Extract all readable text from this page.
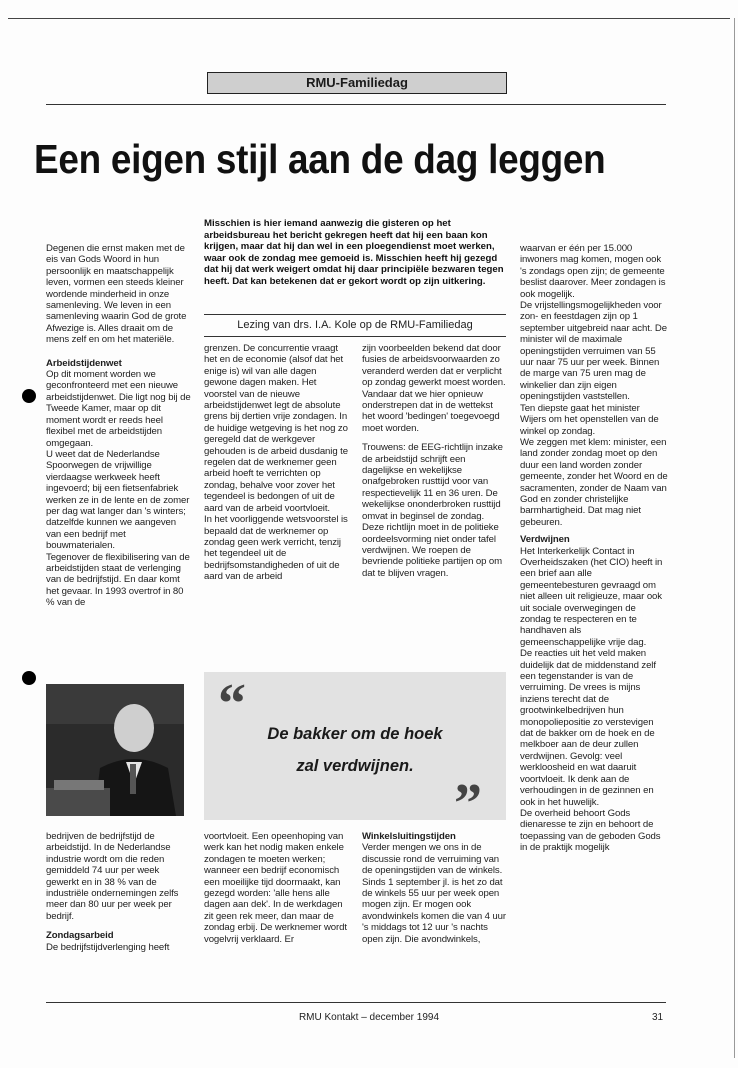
RMU-Familiedag
Een eigen stijl aan de dag leggen
Misschien is hier iemand aanwezig die gisteren op het arbeidsbureau het bericht gekregen heeft dat hij een baan kon krijgen, maar dat hij dan wel in een ploegendienst moet werken, waar ook de zondag mee gemoeid is. Misschien heeft hij gezegd dat hij dat werk weigert omdat hij daar principiële bezwaren tegen heeft. Dat kan betekenen dat er gekort wordt op zijn uitkering.
Lezing van drs. I.A. Kole op de RMU-Familiedag

Degenen die ernst maken met de eis van Gods Woord in hun persoonlijk en maatschappelijk leven, vormen een steeds kleiner wordende minderheid in onze samenleving. We leven in een samenleving waarin God de grote Afwezige is. Alles draait om de mens zelf en om het materiële.

Arbeidstijdenwet

Op dit moment worden we geconfronteerd met een nieuwe arbeidstijdenwet. Die ligt nog bij de Tweede Kamer, maar op dit moment wordt er reeds heel flexibel met de arbeidstijden omgegaan.

U weet dat de Nederlandse Spoorwegen de vrijwillige vierdaagse werkweek heeft ingevoerd; bij een fietsenfabriek werken ze in de lente en de zomer per dag wat langer dan 's winters; datzelfde kunnen we aangeven van een bedrijf met bouwmaterialen.

Tegenover de flexibilisering van de arbeidstijden staat de verlenging van de bedrijfstijd. En daar komt het gevaar. In 1993 overtrof in 80 % van de

bedrijven de bedrijfstijd de arbeidstijd. In de Nederlandse industrie wordt om die reden gemiddeld 74 uur per week gewerkt en in 38 % van de industriële ondernemingen zelfs meer dan 80 uur per week per bedrijf.

Zondagsarbeid

De bedrijfstijdverlenging heeft

grenzen. De concurrentie vraagt het en de economie (alsof dat het enige is) wil van alle dagen gewone dagen maken. Het voorstel van de nieuwe arbeidstijdenwet legt de absolute grens bij dertien vrije zondagen. In de huidige wetgeving is het nog zo geregeld dat de werkgever gehouden is de arbeid dusdanig te regelen dat de werknemer geen arbeid hoeft te verrichten op zondag, behalve voor zover het tegendeel is bedongen of uit de aard van de arbeid voortvloeit.

In het voorliggende wetsvoorstel is bepaald dat de werknemer op zondag geen werk verricht, tenzij het tegendeel uit de bedrijfsomstandigheden of uit de aard van de arbeid

voortvloeit. Een opeenhoping van werk kan het nodig maken enkele zondagen te moeten werken; wanneer een bedrijf economisch een moeilijke tijd doormaakt, kan gezegd worden: 'alle hens alle dagen aan dek'. In de werkdagen zit geen rek meer, dan maar de zondag erbij. De werknemer wordt vogelvrij verklaard. Er

zijn voorbeelden bekend dat door fusies de arbeidsvoorwaarden zo veranderd werden dat er verplicht op zondag gewerkt moest worden.

Vandaar dat we hier opnieuw onderstrepen dat in de wettekst het woord 'bedingen' toegevoegd moet worden.

Trouwens: de EEG-richtlijn inzake de arbeidstijd schrijft een dagelijkse en wekelijkse onafgebroken rusttijd voor van respectievelijk 11 en 36 uren. De wekelijkse ononderbroken rusttijd omvat in beginsel de zondag. Deze richtlijn moet in de politieke oordeelsvorming niet onder tafel verdwijnen. We roepen de bevriende politieke partijen op om dat te blijven vragen.

Winkelsluitingstijden

Verder mengen we ons in de discussie rond de verruiming van de openingstijden van de winkels. Sinds 1 september jl. is het zo dat de winkels 55 uur per week open mogen zijn. Er mogen ook avondwinkels komen die van 4 uur 's middags tot 12 uur 's nachts open zijn. Die avondwinkels,

“	De bakker om de hoek
zal verdwijnen.
”

waarvan er één per 15.000 inwoners mag komen, mogen ook 's zondags open zijn; de gemeente beslist daarover. Meer zondagen is ook mogelijk.

De vrijstellingsmogelijkheden voor zon- en feestdagen zijn op 1 september uitgebreid naar acht. De minister wil de maximale openingstijden verruimen van 55 uur naar 75 uur per week. Binnen de marge van 75 uren mag de winkelier dan zijn eigen openingstijden vaststellen.

Ten diepste gaat het minister Wijers om het openstellen van de winkel op zondag.

We zeggen met klem: minister, een land zonder zondag moet op den duur een land worden zonder gemeente, zonder het Woord en de sacramenten, zonder de Naam van God en zonder christelijke barmhartigheid. Dat mag niet gebeuren.

Verdwijnen

Het Interkerkelijk Contact in Overheidszaken (het CIO) heeft in een brief aan alle gemeentebesturen gevraagd om niet alleen uit religieuze, maar ook uit sociale overwegingen de zondag te respecteren en te handhaven als gemeenschappelijke vrije dag.

De reacties uit het veld maken duidelijk dat de middenstand zelf een tegenstander is van de verruiming. De vrees is mijns inziens terecht dat de grootwinkelbedrijven hun monopoliepositie zo verstevigen dat de bakker om de hoek en de melkboer aan de deur zullen verdwijnen. Gevolg: veel werkloosheid en wat daaruit voortvloeit. Ik denk aan de verhoudingen in de gezinnen en ook in het huwelijk.

De overheid behoort Gods dienaresse te zijn en behoort de toepassing van de geboden Gods in de praktijk mogelijk

RMU Kontakt – december 1994	31
